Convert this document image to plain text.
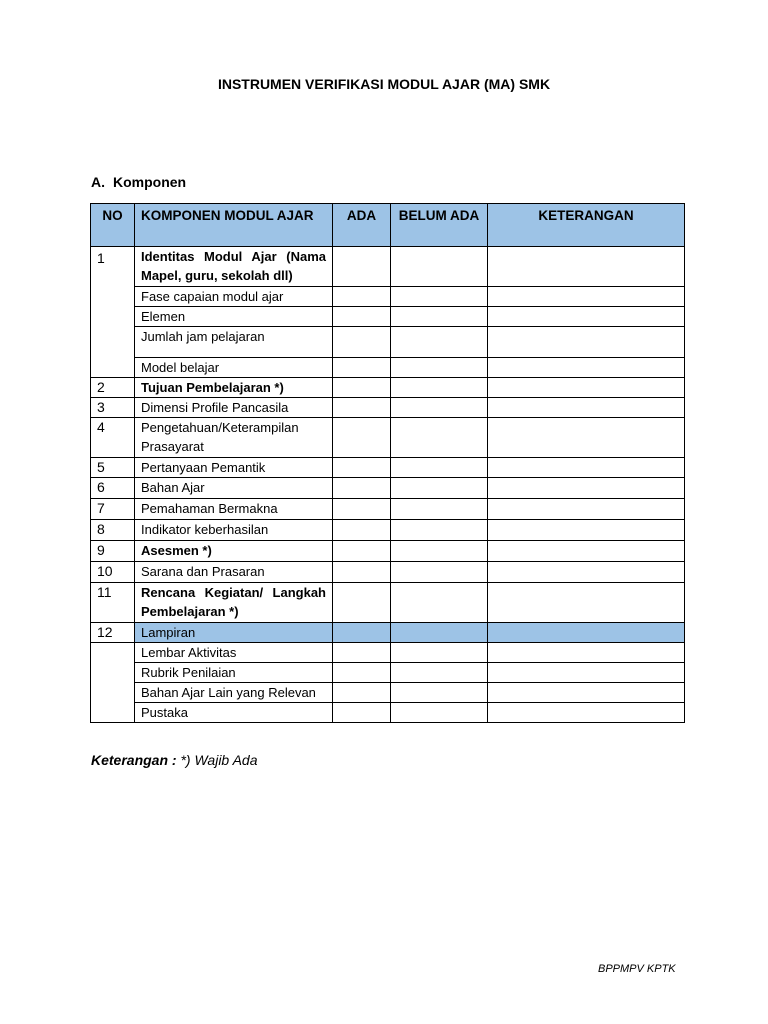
INSTRUMEN VERIFIKASI MODUL AJAR (MA) SMK
A. Komponen
NO	KOMPONEN MODUL AJAR	ADA	BELUM ADA	KETERANGAN
1	Identitas Modul Ajar (Nama Mapel, guru, sekolah dll)			
	Fase capaian modul ajar			
	Elemen			
	Jumlah jam pelajaran			
	Model belajar			
2	Tujuan Pembelajaran *)			
3	Dimensi Profile Pancasila			
4	Pengetahuan/Keterampilan Prasayarat			
5	Pertanyaan Pemantik			
6	Bahan Ajar			
7	Pemahaman Bermakna			
8	Indikator keberhasilan			
9	Asesmen *)			
10	Sarana dan Prasaran			
11	Rencana Kegiatan/ Langkah Pembelajaran *)			
12	Lampiran			
	Lembar Aktivitas			
	Rubrik Penilaian			
	Bahan Ajar Lain yang Relevan			
	Pustaka			
Keterangan : *) Wajib Ada
BPPMPV KPTK
